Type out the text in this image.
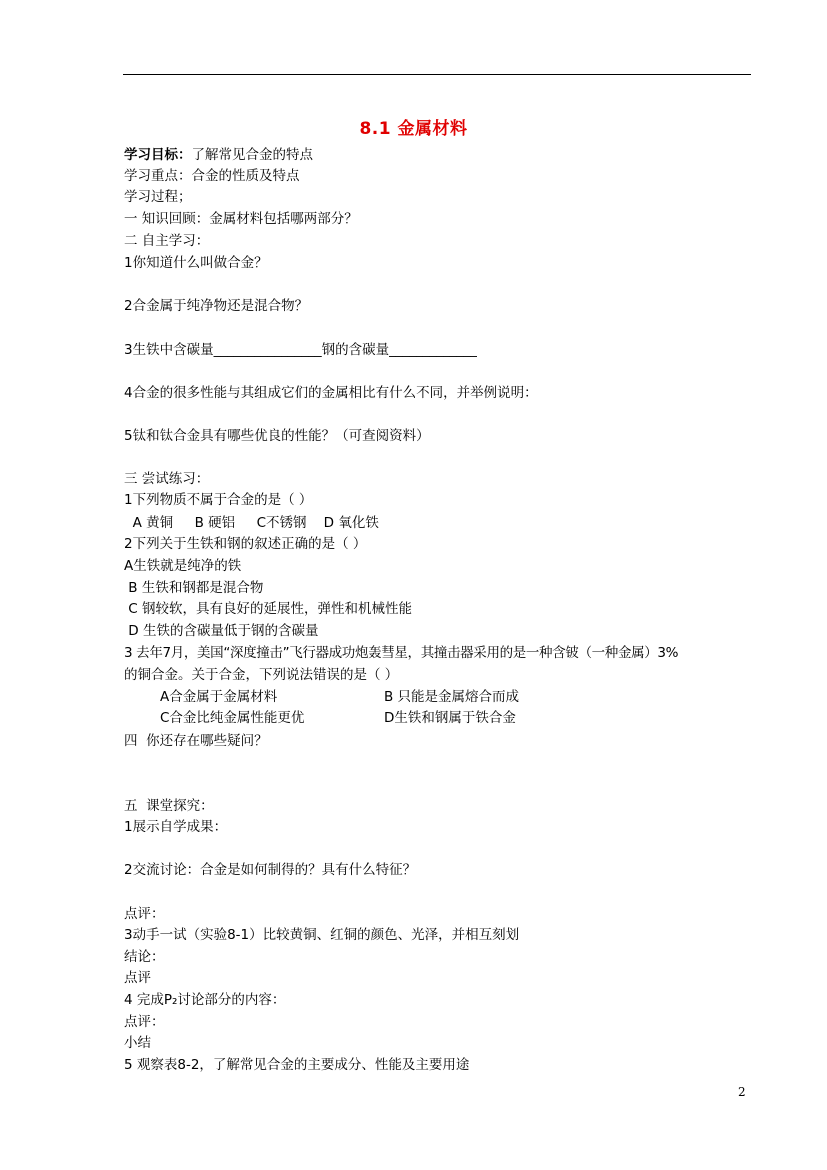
8.1 金属材料
学习目标：了解常见合金的特点
学习重点：合金的性质及特点
学习过程；
一 知识回顾：金属材料包括哪两部分？
二 自主学习：
1你知道什么叫做合金？
2合金属于纯净物还是混合物？
3生铁中含碳量________________钢的含碳量_____________
4合金的很多性能与其组成它们的金属相比有什么不同，并举例说明：
5钛和钛合金具有哪些优良的性能？（可查阅资料）
三 尝试练习：
1下列物质不属于合金的是（ ）
A 黄铜     B 硬铝     C不锈钢    D 氧化铁
2下列关于生铁和钢的叙述正确的是（ ）
A生铁就是纯净的铁
B 生铁和钢都是混合物
C 钢较软，具有良好的延展性，弹性和机械性能
D 生铁的含碳量低于钢的含碳量
3 去年7月，美国“深度撞击”飞行器成功炮轰彗星，其撞击器采用的是一种含铍（一种金属）3%
的铜合金。关于合金，下列说法错误的是（ ）
A合金属于金属材料	B 只能是金属熔合而成
C合金比纯金属性能更优	D生铁和钢属于铁合金
四  你还存在哪些疑问？
五  课堂探究：
1展示自学成果：
2交流讨论：合金是如何制得的？具有什么特征？
点评：
3动手一试（实验8-1）比较黄铜、红铜的颜色、光泽，并相互刻划
结论：
点评
4 完成P₂讨论部分的内容：
点评：
小结
5 观察表8-2，了解常见合金的主要成分、性能及主要用途
2
